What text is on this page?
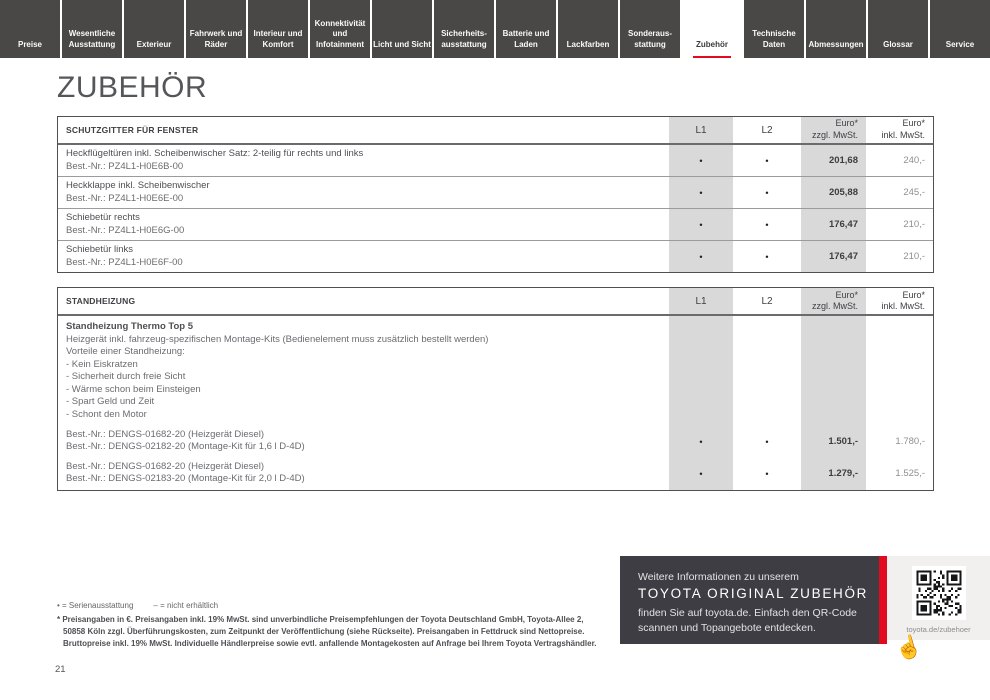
Preise
Wesentliche Ausstattung	Exterieur
Fahrwerk und Räder
Interieur und Komfort
Konnektivität und Infotainment	Licht und Sicht
Sicherheits- ausstattung
Batterie und Laden	Lackfarben
Sonderaus- stattung	Zubehör
Technische Daten	Abmessungen Glossar	Service
ZUBEHÖR
SCHUTZGITTER FÜR FENSTER	L1	L2
Euro*
zzgl. MwSt.
Euro*
inkl. MwSt.
Heckflügeltüren inkl. Scheibenwischer Satz: 2-teilig für rechts und links
Best.-Nr.: PZ4L1-H0E6B-00	•	•	201,68	240,-
Heckklappe inkl. Scheibenwischer
Best.-Nr.: PZ4L1-H0E6E-00	•	•	205,88	245,-
Schiebetür rechts
Best.-Nr.: PZ4L1-H0E6G-00	•	•	176,47	210,-
Schiebetür links
Best.-Nr.: PZ4L1-H0E6F-00	•	•	176,47	210,-
STANDHEIZUNG	L1	L2
Euro*
zzgl. MwSt.
Euro*
inkl. MwSt.
Standheizung Thermo Top 5
Heizgerät inkl. fahrzeug-spezifischen Montage-Kits (Bedienelement muss zusätzlich bestellt werden)
Vorteile einer Standheizung:
- Kein Eiskratzen
- Sicherheit durch freie Sicht
- Wärme schon beim Einsteigen
- Spart Geld und Zeit
- Schont den Motor
Best.-Nr.: DENGS-01682-20 (Heizgerät Diesel)
Best.-Nr.: DENGS-02182-20 (Montage-Kit für 1,6 l D-4D)	•	•	1.501,-	1.780,-
Best.-Nr.: DENGS-01682-20 (Heizgerät Diesel)
Best.-Nr.: DENGS-02183-20 (Montage-Kit für 2,0 l D-4D)	•	•	1.279,-	1.525,-
• = Serienausstattung	– = nicht erhältlich
* Preisangaben in €. Preisangaben inkl. 19% MwSt. sind unverbindliche Preisempfehlungen der Toyota Deutschland GmbH, Toyota-Allee 2, 50858 Köln zzgl. Überführungskosten, zum Zeitpunkt der Veröffentlichung (siehe Rückseite). Preisangaben in Fettdruck sind Nettopreise. Bruttopreise inkl. 19% MwSt. Individuelle Händlerpreise sowie evtl. anfallende Montagekosten auf Anfrage bei Ihrem Toyota Vertragshändler.
21
Weitere Informationen zu unserem
TOYOTA ORIGINAL ZUBEHÖR
finden Sie auf toyota.de. Einfach den QR-Code scannen und Topangebote entdecken.	toyota.de/zubehoer
☝
